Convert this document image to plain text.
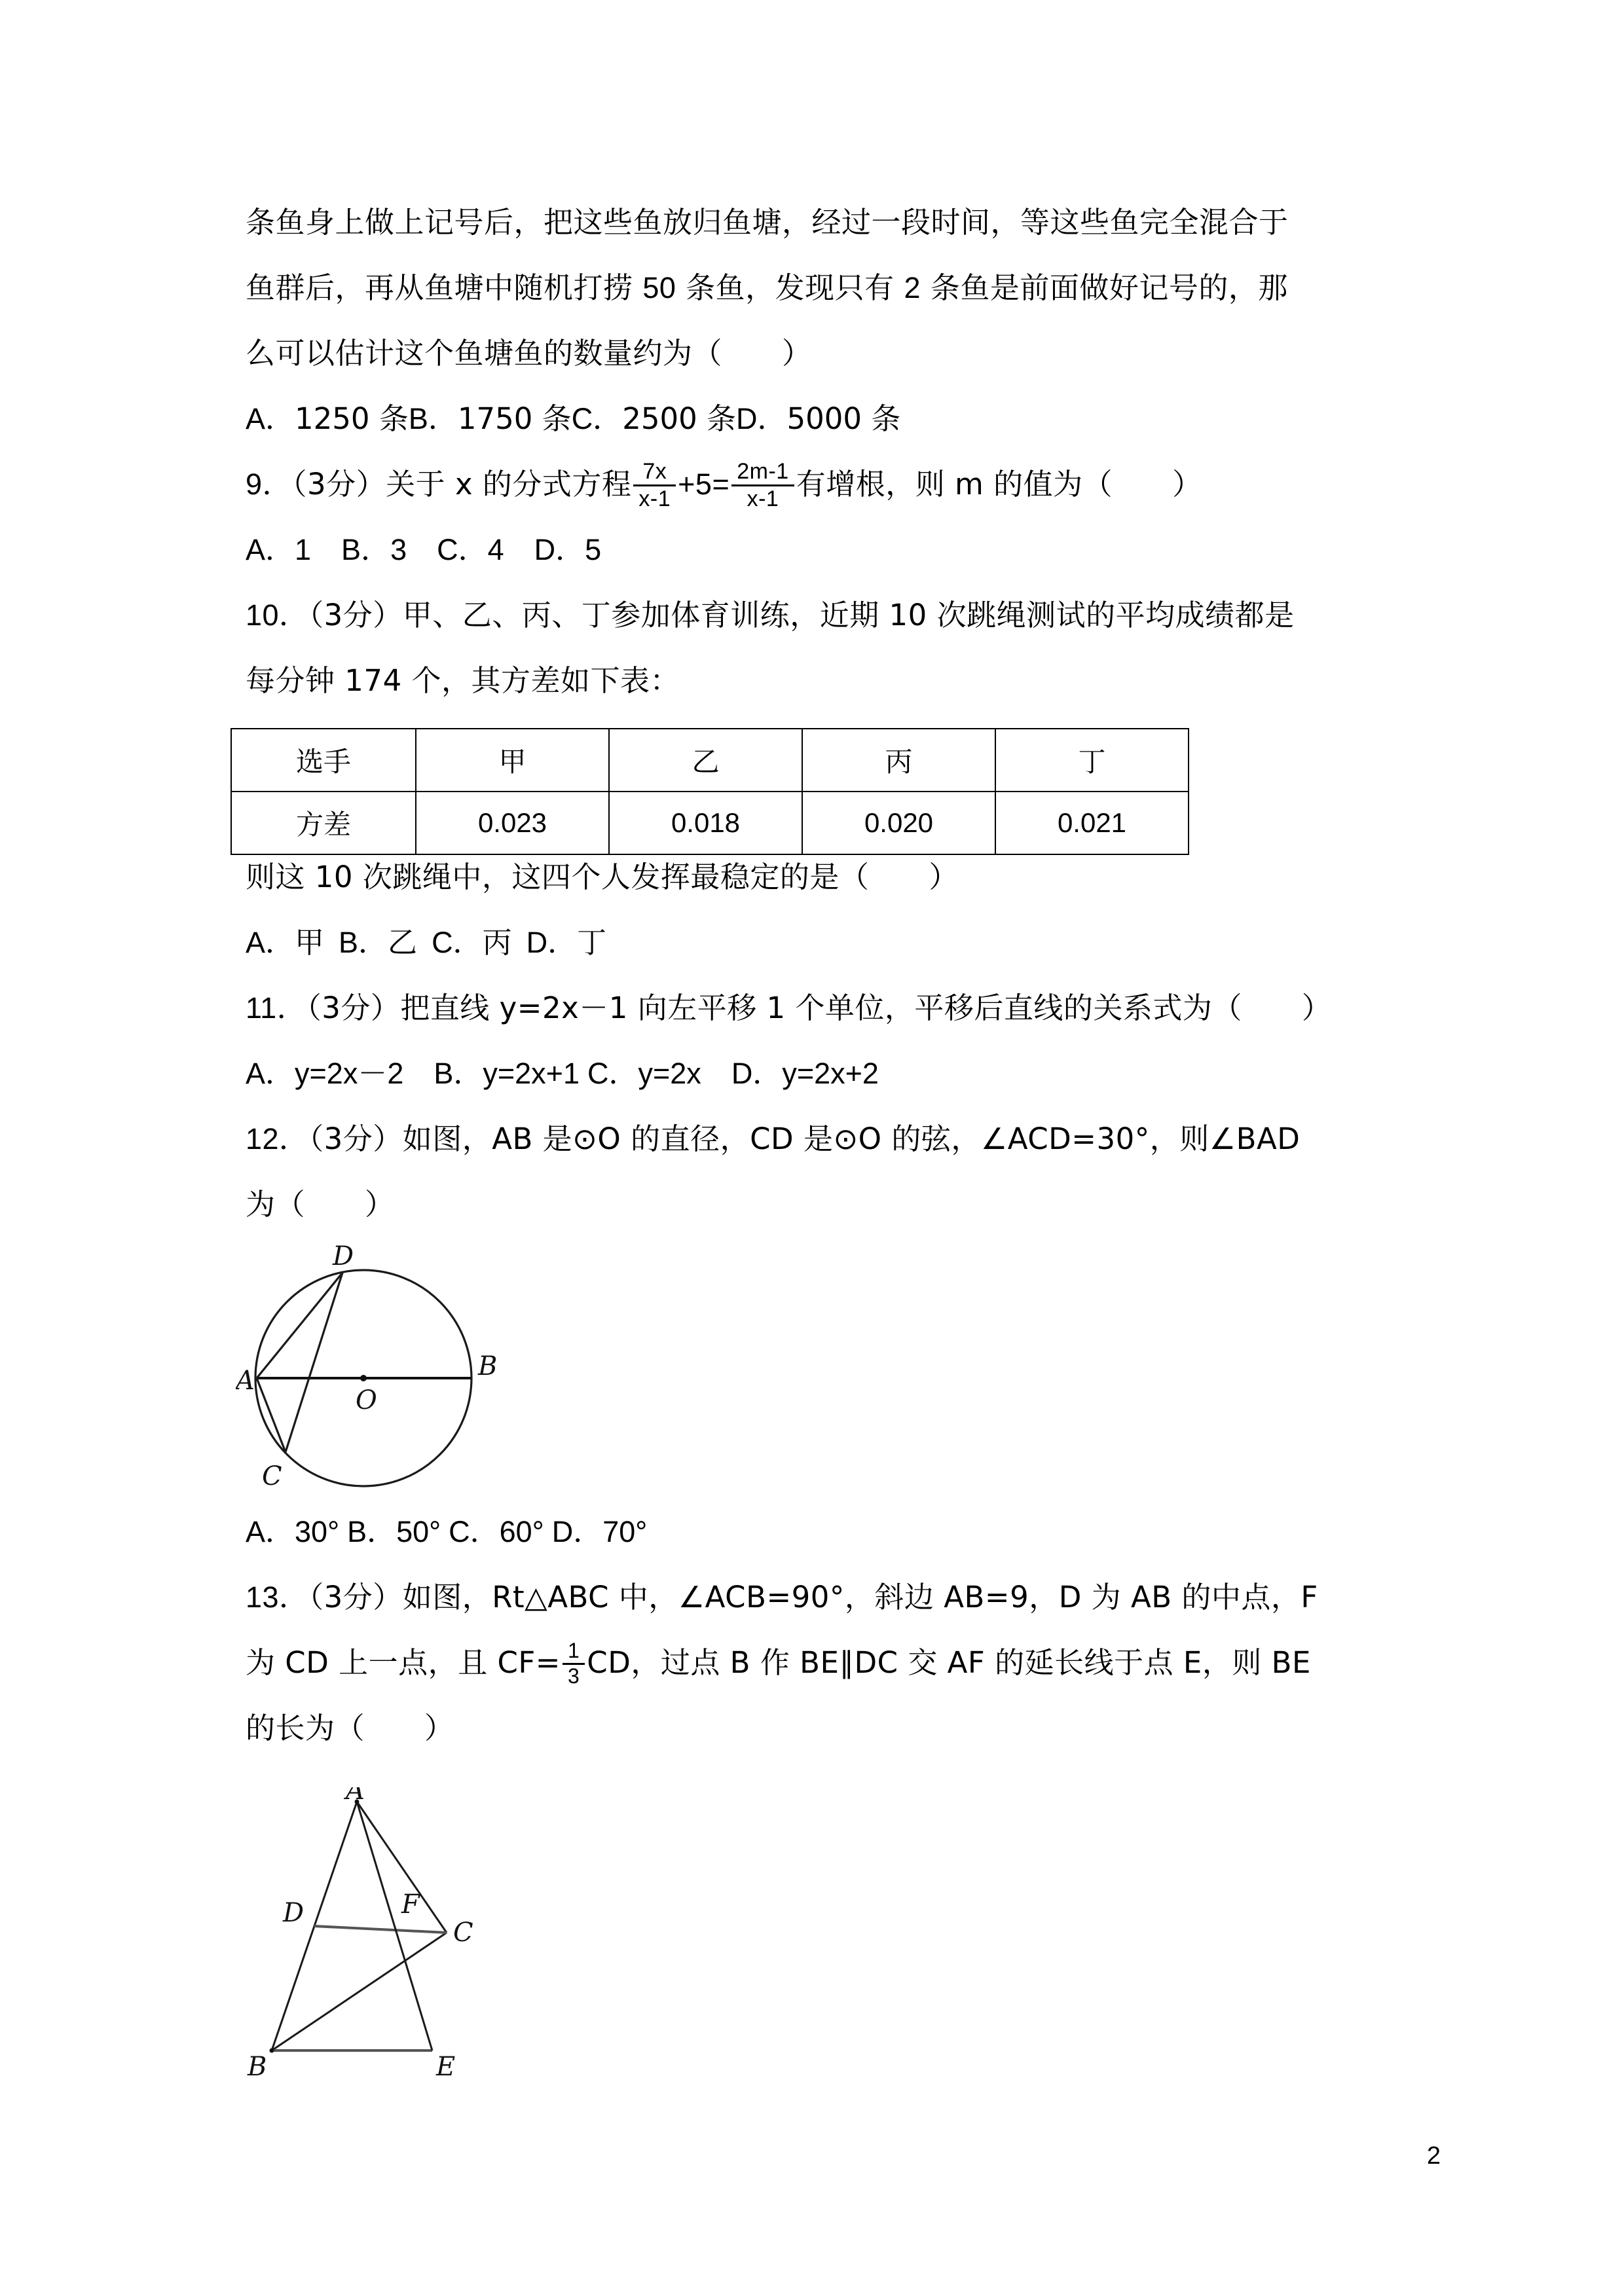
条鱼身上做上记号后，把这些鱼放归鱼塘，经过一段时间，等这些鱼完全混合于
鱼群后，再从鱼塘中随机打捞 50 条鱼，发现只有 2 条鱼是前面做好记号的，那
么可以估计这个鱼塘鱼的数量约为（　　）
A．1250 条B．1750 条C．2500 条D．5000 条
9．（3分）关于 x 的分式方程 $\frac{7x}{x-1} +5= \frac{2m-1}{x-1}$ 有增根，则 m 的值为（　　）
A．1 B．3 C．4 D．5
10．（3分）甲、乙、丙、丁参加体育训练，近期 10 次跳绳测试的平均成绩都是
每分钟 174 个，其方差如下表：

则这 10 次跳绳中，这四个人发挥最稳定的是（　　）
A．甲 B．乙 C．丙 D．丁
11．（3分）把直线 y=2x－1 向左平移 1 个单位，平移后直线的关系式为（　　）
A．y=2x－2 B．y=2x+1 C．y=2x D．y=2x+2
12．（3分）如图，AB 是⊙O 的直径，CD 是⊙O 的弦，∠ACD=30°，则∠BAD
为（　　）

A．30° B．50° C．60° D．70°
13．（3分）如图，Rt△ABC 中，∠ACB=90°，斜边 AB=9，D 为 AB 的中点，F
为 CD 上一点，且 $CF= \frac{1}{3}$ CD，过点 B 作 BE∥DC 交 AF 的延长线于点 E，则 BE
的长为（　　）
选手	甲	乙	丙	丁
方差	0.023	0.018	0.020	0.021
D
A	B
O
C
A
D	F
C
B	E
2
